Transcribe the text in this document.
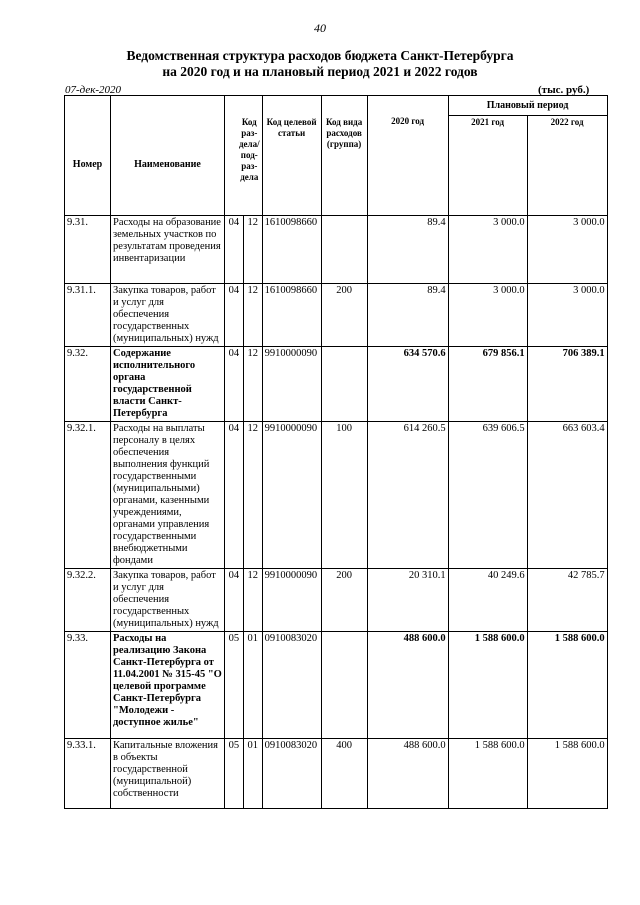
40
Ведомственная структура расходов бюджета Санкт-Петербурга
на 2020 год и на плановый период 2021 и 2022 годов
07-дек-2020	(тыс. руб.)
							Плановый период	
Номер	Наименование	Код раз- дела/ под- раз- дела		Код целевой статьи	Код вида расходов (группа)	2020 год	2021 год	2022 год
9.31.	Расходы на образование земельных участков по результатам проведения инвентаризации	04	12	1610098660		89.4	3 000.0	3 000.0
9.31.1.	Закупка товаров, работ и услуг для обеспечения государственных (муниципальных) нужд	04	12	1610098660	200	89.4	3 000.0	3 000.0
9.32.	Содержание исполнительного органа государственной власти Санкт-Петербурга	04	12	9910000090		634 570.6	679 856.1	706 389.1
9.32.1.	Расходы на выплаты персоналу в целях обеспечения выполнения функций государственными (муниципальными) органами, казенными учреждениями, органами управления государственными внебюджетными фондами	04	12	9910000090	100	614 260.5	639 606.5	663 603.4
9.32.2.	Закупка товаров, работ и услуг для обеспечения государственных (муниципальных) нужд	04	12	9910000090	200	20 310.1	40 249.6	42 785.7
9.33.	Расходы на реализацию Закона Санкт-Петербурга от 11.04.2001 № 315-45 "О целевой программе Санкт-Петербурга "Молодежи - доступное жилье"	05	01	0910083020		488 600.0	1 588 600.0	1 588 600.0
9.33.1.	Капитальные вложения в объекты государственной (муниципальной) собственности	05	01	0910083020	400	488 600.0	1 588 600.0	1 588 600.0
